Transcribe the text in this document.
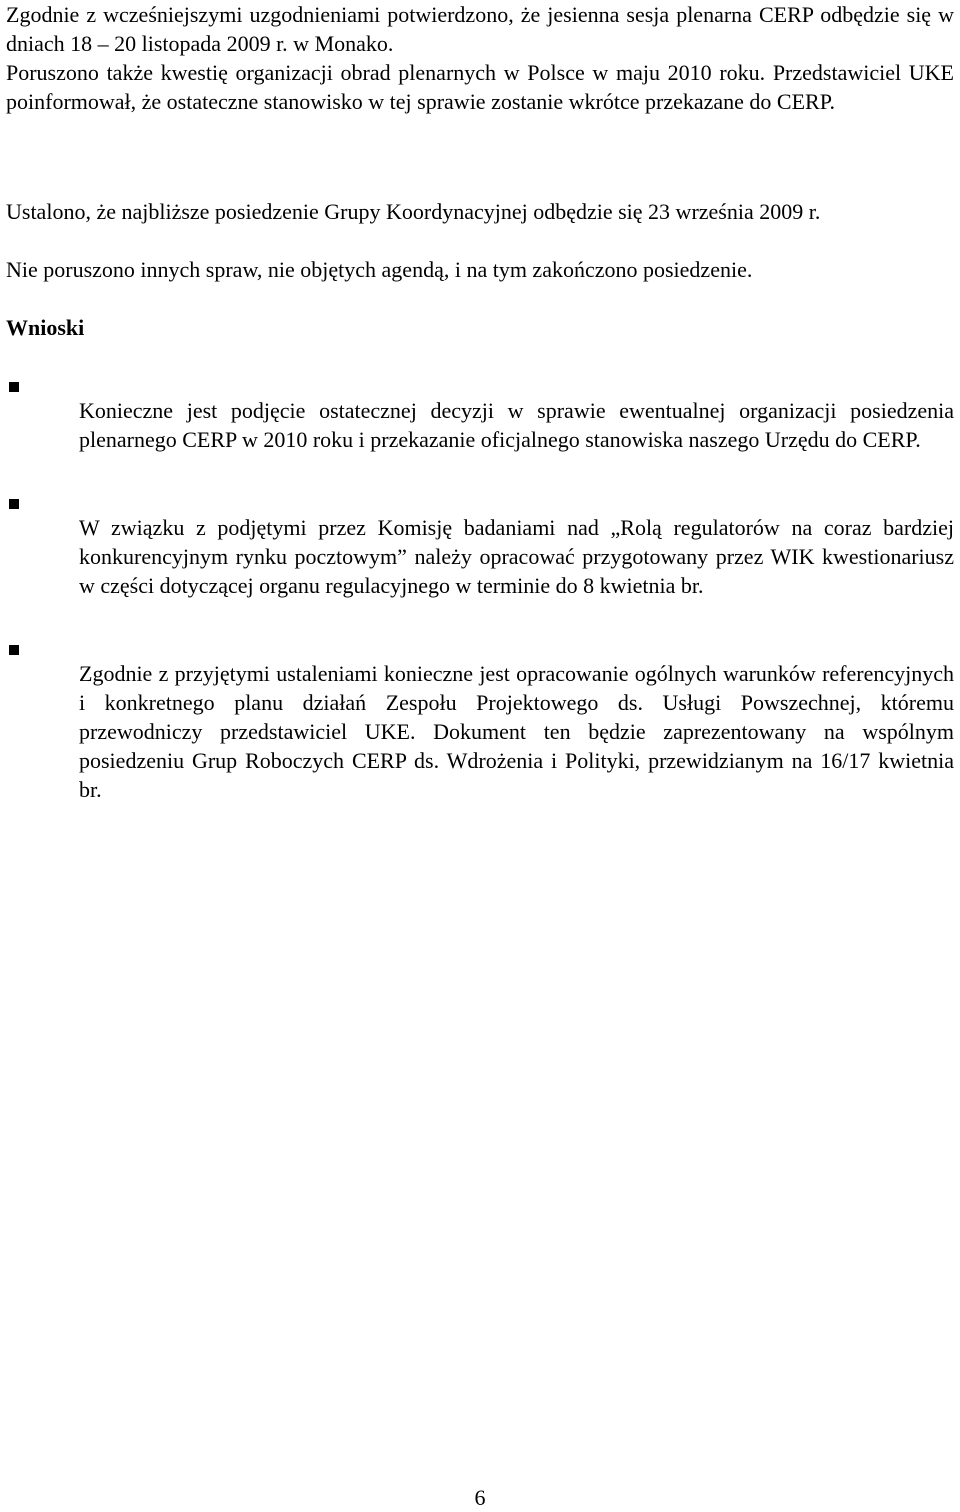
Zgodnie z wcześniejszymi uzgodnieniami potwierdzono, że jesienna sesja plenarna CERP odbędzie się w dniach 18 – 20 listopada 2009 r. w Monako.

Poruszono także kwestię organizacji obrad plenarnych w Polsce w maju 2010 roku. Przedstawiciel UKE poinformował, że ostateczne stanowisko w tej sprawie zostanie wkrótce przekazane do CERP.

Ustalono, że najbliższe posiedzenie Grupy Koordynacyjnej odbędzie się 23 września 2009 r.

Nie poruszono innych spraw, nie objętych agendą, i na tym zakończono posiedzenie.

Wnioski

Konieczne jest podjęcie ostatecznej decyzji w sprawie ewentualnej organizacji posiedzenia plenarnego CERP w 2010 roku i przekazanie oficjalnego stanowiska naszego Urzędu do CERP.

W związku z podjętymi przez Komisję badaniami nad „Rolą regulatorów na coraz bardziej konkurencyjnym rynku pocztowym” należy opracować przygotowany przez WIK kwestionariusz w części dotyczącej organu regulacyjnego w terminie do 8 kwietnia br.

Zgodnie z przyjętymi ustaleniami konieczne jest opracowanie ogólnych warunków referencyjnych i konkretnego planu działań Zespołu Projektowego ds. Usługi Powszechnej, któremu przewodniczy przedstawiciel UKE. Dokument ten będzie zaprezentowany na wspólnym posiedzeniu Grup Roboczych CERP ds. Wdrożenia i Polityki, przewidzianym na 16/17 kwietnia br.

6
